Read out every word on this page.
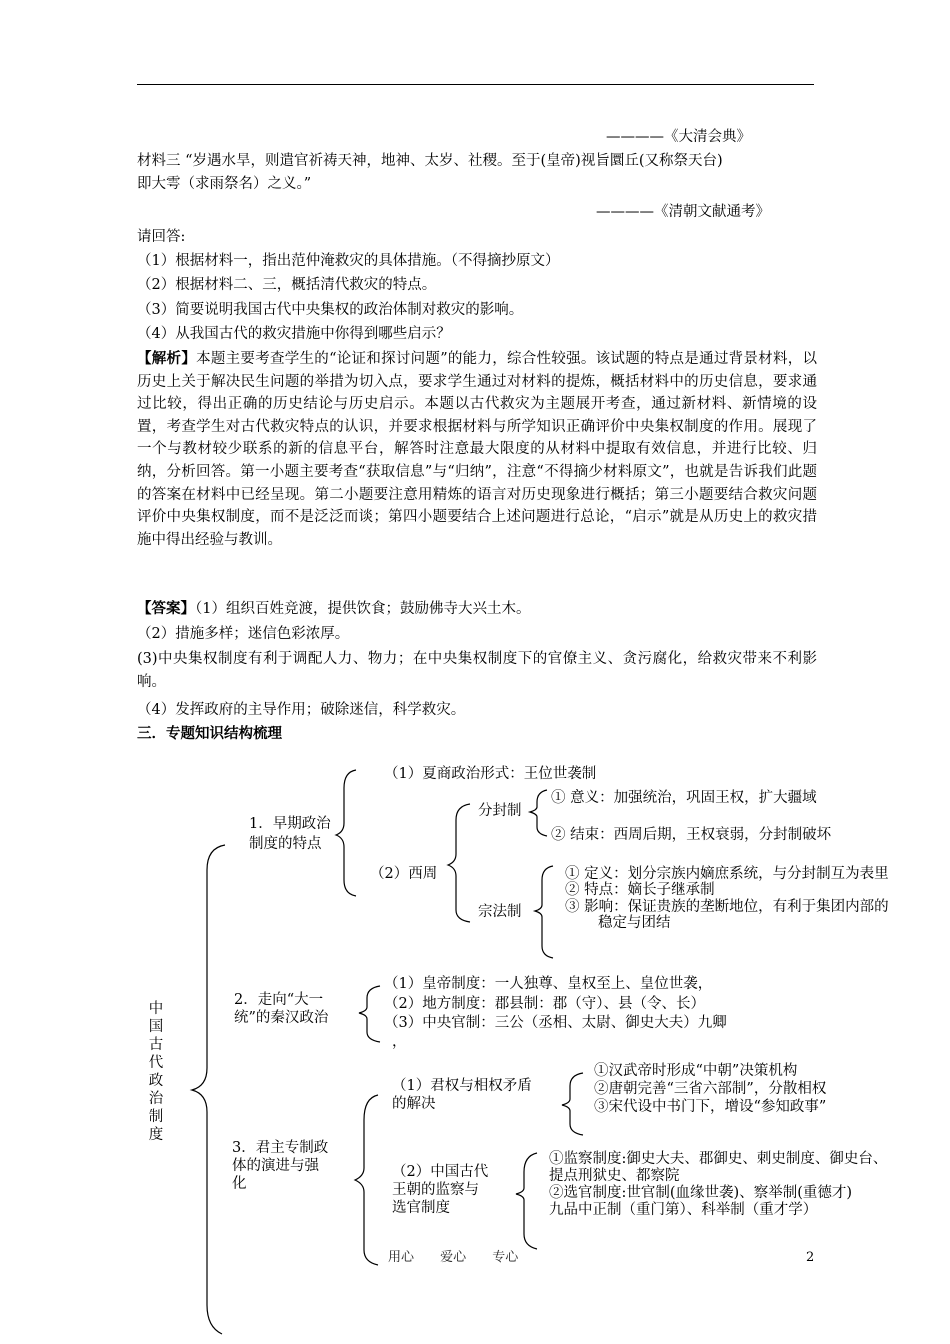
————《大清会典》
材料三 “岁遇水旱，则遣官祈祷天神，地神、太岁、社稷。至于(皇帝)视旨圜丘(又称祭天台)
即大雩（求雨祭名）之义。”
————《清朝文献通考》
请回答:
（1）根据材料一，指出范仲淹救灾的具体措施。（不得摘抄原文）
（2）根据材料二、三，概括清代救灾的特点。
（3）简要说明我国古代中央集权的政治体制对救灾的影响。
（4）从我国古代的救灾措施中你得到哪些启示？
【解析】本题主要考查学生的“论证和探讨问题”的能力，综合性较强。该试题的特点是通过背景材料，以历史上关于解决民生问题的举措为切入点，要求学生通过对材料的提炼，概括材料中的历史信息，要求通过比较，得出正确的历史结论与历史启示。本题以古代救灾为主题展开考查，通过新材料、新情境的设置，考查学生对古代救灾特点的认识，并要求根据材料与所学知识正确评价中央集权制度的作用。展现了一个与教材较少联系的新的信息平台，解答时注意最大限度的从材料中提取有效信息，并进行比较、归纳，分析回答。第一小题主要考查“获取信息”与“归纳”，注意“不得摘少材料原文”，也就是告诉我们此题的答案在材料中已经呈现。第二小题要注意用精炼的语言对历史现象进行概括；第三小题要结合救灾问题评价中央集权制度，而不是泛泛而谈；第四小题要结合上述问题进行总论，“启示”就是从历史上的救灾措施中得出经验与教训。
【答案】（1）组织百姓竞渡，提供饮食；鼓励佛寺大兴土木。
（2）措施多样；迷信色彩浓厚。
(3)中央集权制度有利于调配人力、物力；在中央集权制度下的官僚主义、贪污腐化，给救灾带来不利影响。
（4）发挥政府的主导作用；破除迷信，科学救灾。
三．专题知识结构梳理
中国古代政治制度
1．早期政治
制度的特点
（1）夏商政治形式：王位世袭制
（2）西周
分封制
① 意义：加强统治，巩固王权，扩大疆域
② 结束：西周后期，王权衰弱，分封制破坏
宗法制
① 定义：划分宗族内嫡庶系统，与分封制互为表里
② 特点：嫡长子继承制
③ 影响：保证贵族的垄断地位，有利于集团内部的
稳定与团结
2．走向“大一
统”的秦汉政治
（1）皇帝制度：一人独尊、皇权至上、皇位世袭，
（2）地方制度：郡县制：郡（守）、县（令、长）
（3）中央官制：三公（丞相、太尉、御史大夫）九卿
，
3．君主专制政
体的演进与强
化
（1）君权与相权矛盾
的解决
①汉武帝时形成“中朝”决策机构
②唐朝完善“三省六部制”，分散相权
③宋代设中书门下，增设“参知政事”
（2）中国古代
王朝的监察与
选官制度
①监察制度:御史大夫、郡御史、刺史制度、御史台、
提点刑狱史、都察院
②选官制度:世官制(血缘世袭)、察举制(重德才)
九品中正制（重门第）、科举制（重才学）
用心 爱心 专心	2
